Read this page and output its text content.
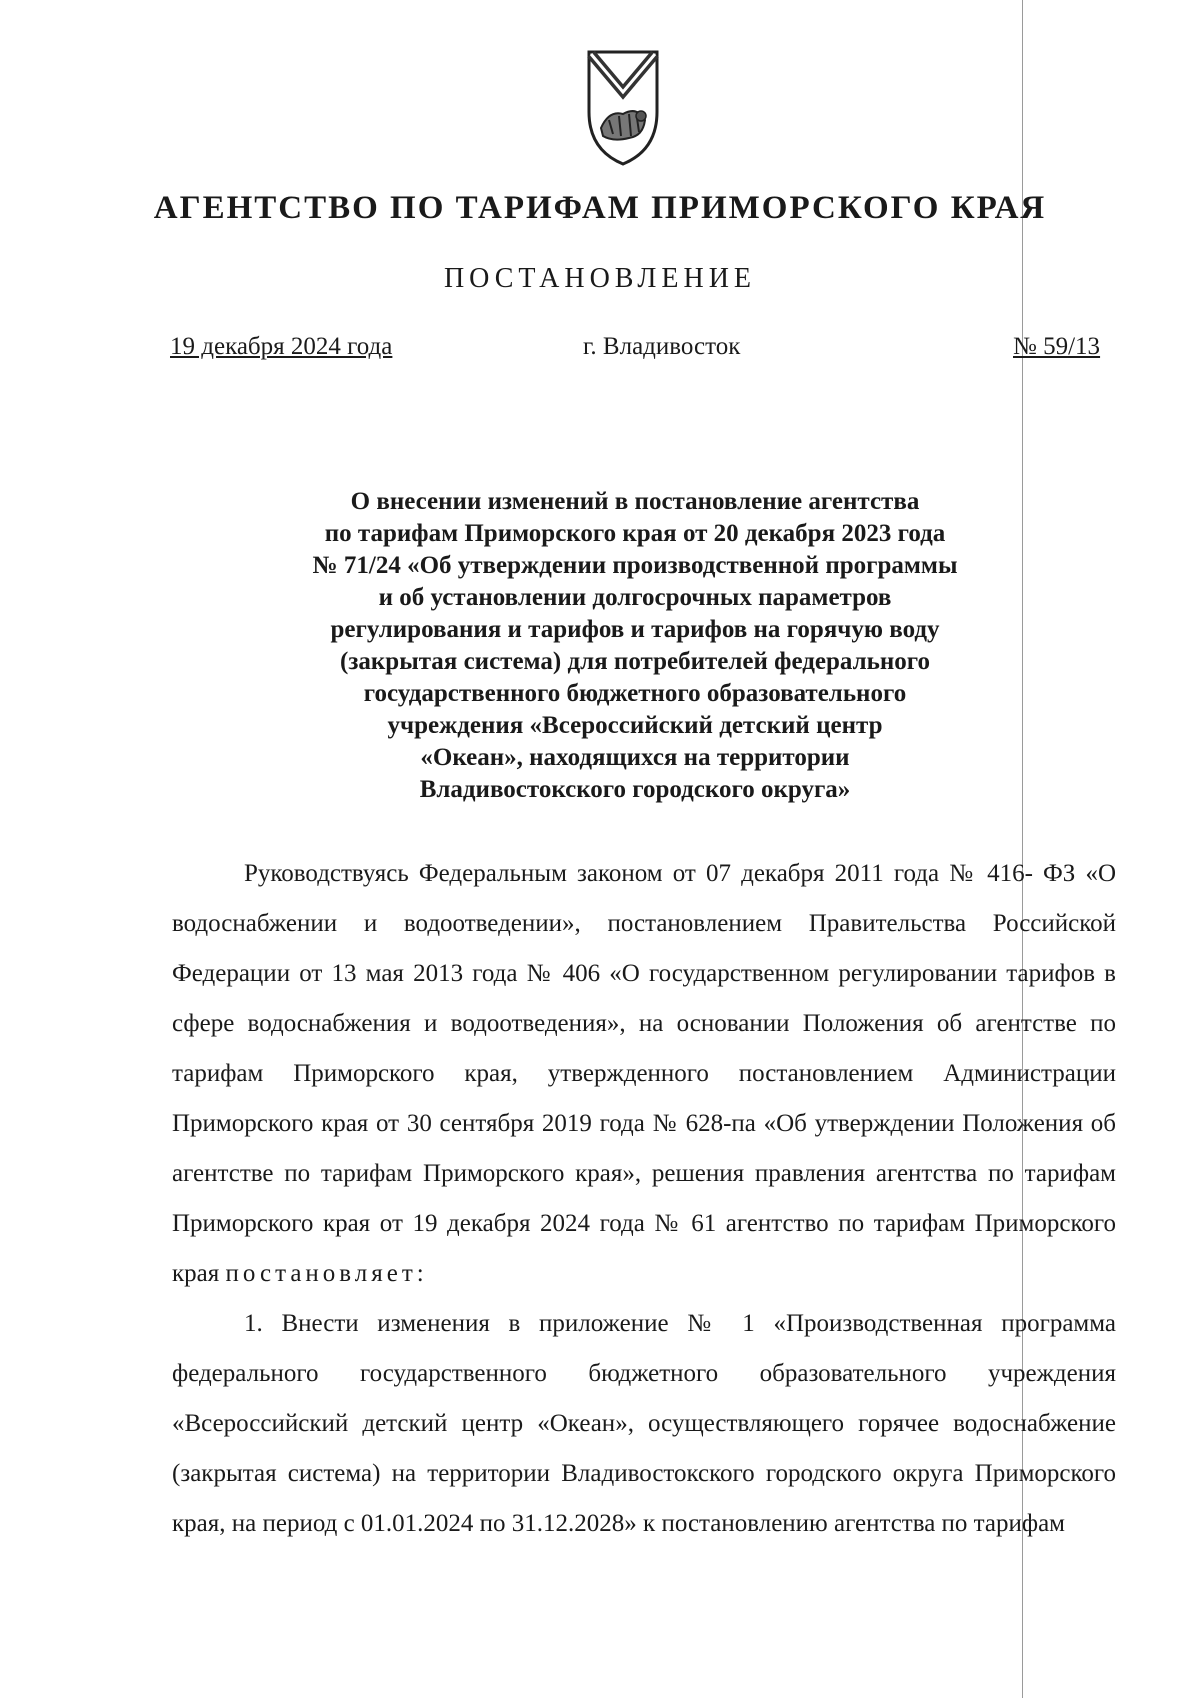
АГЕНТСТВО ПО ТАРИФАМ ПРИМОРСКОГО КРАЯ
ПОСТАНОВЛЕНИЕ
19 декабря 2024 года	г. Владивосток	№ 59/13
О внесении изменений в постановление агентства
по тарифам Приморского края от 20 декабря 2023 года
№ 71/24 «Об утверждении производственной программы
и об установлении долгосрочных параметров
регулирования и тарифов и тарифов на горячую воду
(закрытая система) для потребителей федерального
государственного бюджетного образовательного
учреждения «Всероссийский детский центр
«Океан», находящихся на территории
Владивостокского городского округа»

Руководствуясь Федеральным законом от 07 декабря 2011 года № 416- ФЗ «О водоснабжении и водоотведении», постановлением Правительства Российской Федерации от 13 мая 2013 года № 406 «О государственном регулировании тарифов в сфере водоснабжения и водоотведения», на основании Положения об агентстве по тарифам Приморского края, утвержденного постановлением Администрации Приморского края от 30 сентября 2019 года № 628-па «Об утверждении Положения об агентстве по тарифам Приморского края», решения правления агентства по тарифам Приморского края от 19 декабря 2024 года № 61 агентство по тарифам Приморского края постановляет:

1. Внести изменения в приложение № 1 «Производственная программа федерального государственного бюджетного образовательного учреждения «Всероссийский детский центр «Океан», осуществляющего горячее водоснабжение (закрытая система) на территории Владивостокского городского округа Приморского края, на период с 01.01.2024 по 31.12.2028» к постановлению агентства по тарифам
